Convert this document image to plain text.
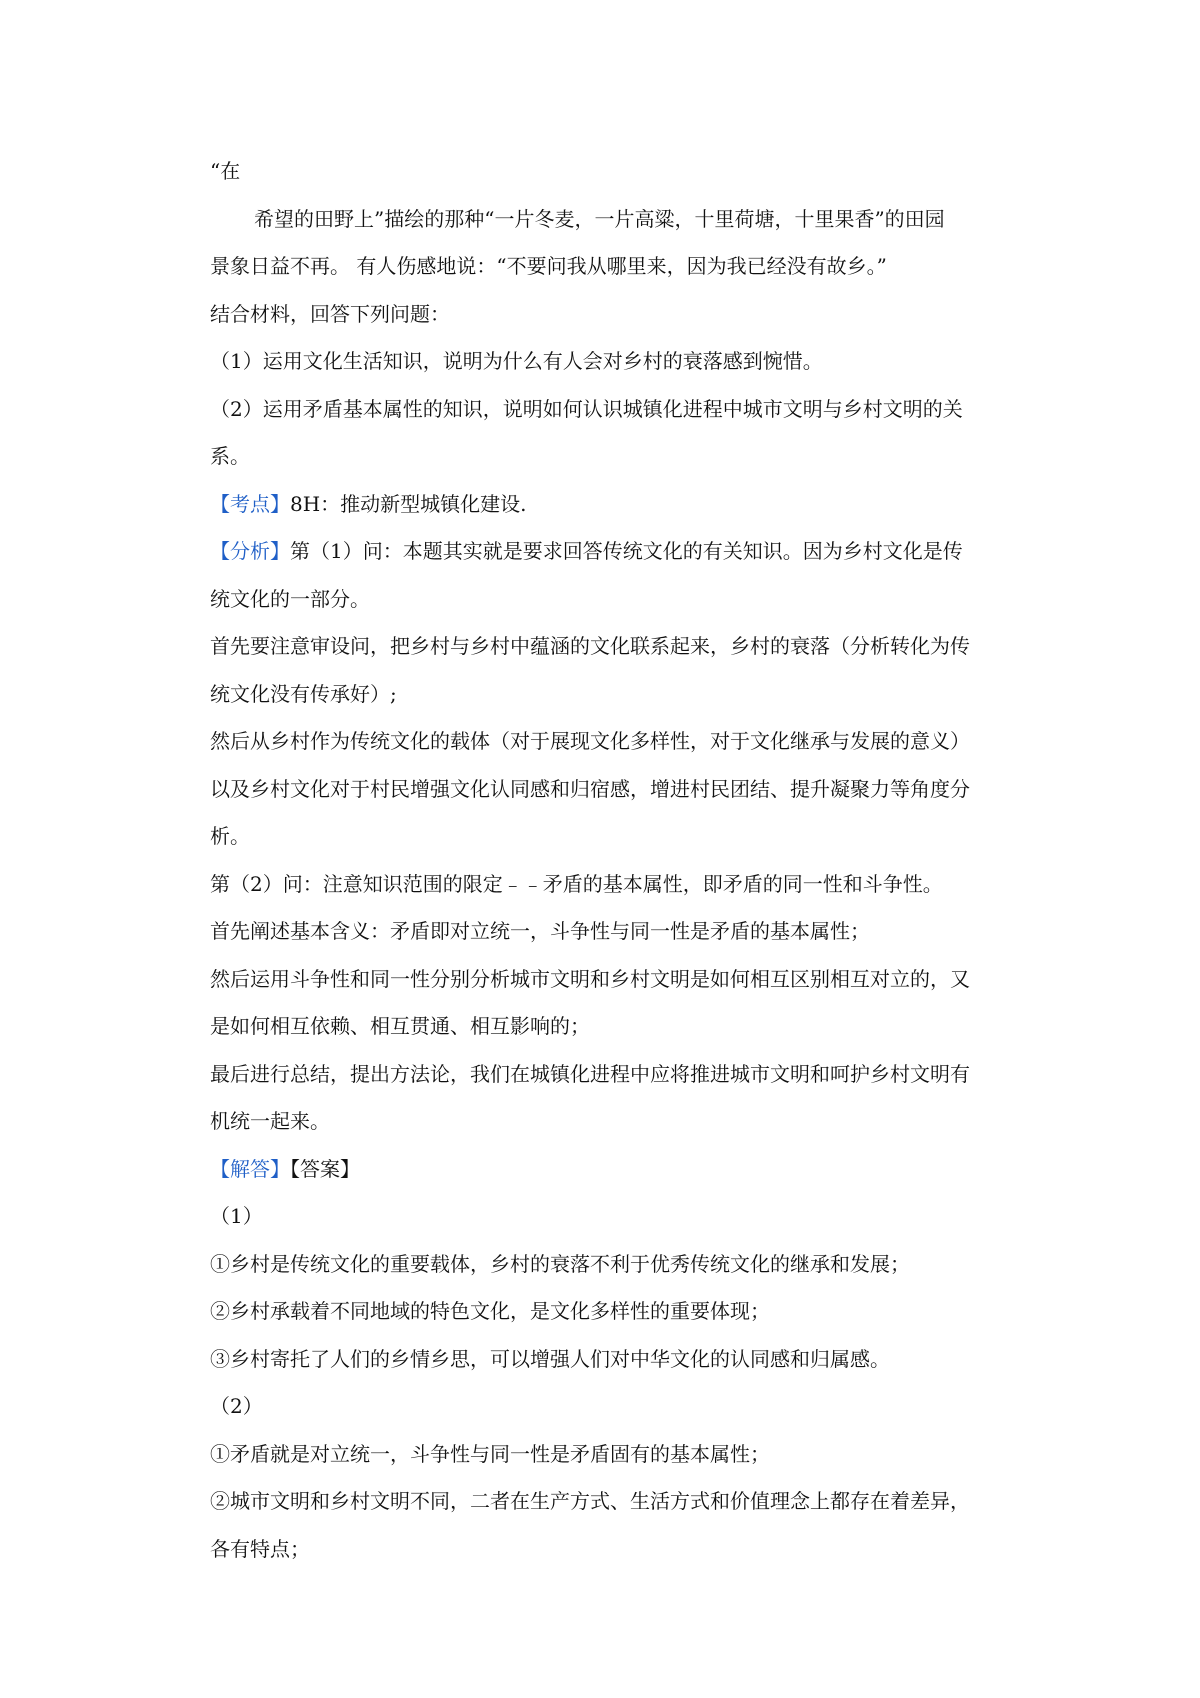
“在
希望的田野上”描绘的那种“一片冬麦，一片高粱，十里荷塘，十里果香”的田园
景象日益不再。 有人伤感地说：“不要问我从哪里来，因为我已经没有故乡。”
结合材料，回答下列问题：
（1）运用文化生活知识，说明为什么有人会对乡村的衰落感到惋惜。
（2）运用矛盾基本属性的知识，说明如何认识城镇化进程中城市文明与乡村文明的关
系。
【考点】8H：推动新型城镇化建设.
【分析】第（1）问：本题其实就是要求回答传统文化的有关知识。因为乡村文化是传
统文化的一部分。
首先要注意审设问，把乡村与乡村中蕴涵的文化联系起来，乡村的衰落（分析转化为传
统文化没有传承好）;
然后从乡村作为传统文化的载体（对于展现文化多样性，对于文化继承与发展的意义）
以及乡村文化对于村民增强文化认同感和归宿感，增进村民团结、提升凝聚力等角度分
析。
第（2）问：注意知识范围的限定﹣﹣矛盾的基本属性，即矛盾的同一性和斗争性。
首先阐述基本含义：矛盾即对立统一，斗争性与同一性是矛盾的基本属性；
然后运用斗争性和同一性分别分析城市文明和乡村文明是如何相互区别相互对立的，又
是如何相互依赖、相互贯通、相互影响的；
最后进行总结，提出方法论，我们在城镇化进程中应将推进城市文明和呵护乡村文明有
机统一起来。
【解答】【答案】
（1）
①乡村是传统文化的重要载体，乡村的衰落不利于优秀传统文化的继承和发展；
②乡村承载着不同地域的特色文化，是文化多样性的重要体现；
③乡村寄托了人们的乡情乡思，可以增强人们对中华文化的认同感和归属感。
（2）
①矛盾就是对立统一，斗争性与同一性是矛盾固有的基本属性；
②城市文明和乡村文明不同，二者在生产方式、生活方式和价值理念上都存在着差异，
各有特点；
